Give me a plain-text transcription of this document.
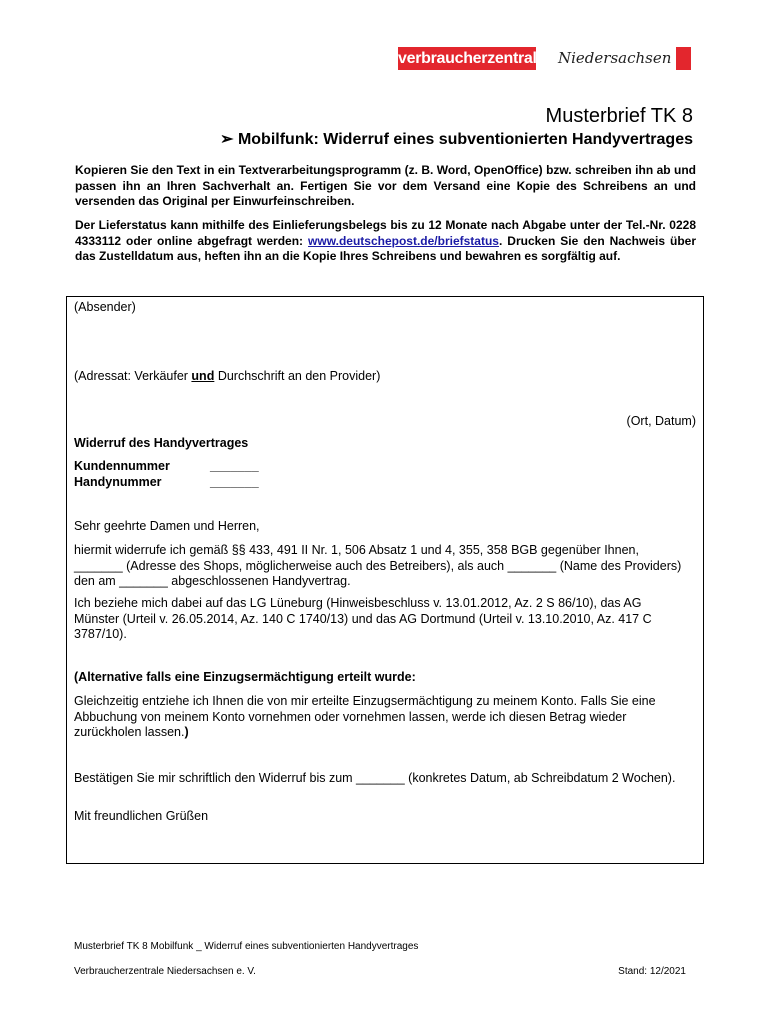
verbraucherzentrale Niedersachsen
Musterbrief TK 8
➢ Mobilfunk: Widerruf eines subventionierten Handyvertrages

Kopieren Sie den Text in ein Textverarbeitungsprogramm (z. B. Word, OpenOffice) bzw. schreiben ihn ab und passen ihn an Ihren Sachverhalt an. Fertigen Sie vor dem Versand eine Kopie des Schreibens an und versenden das Original per Einwurfeinschreiben.

Der Lieferstatus kann mithilfe des Einlieferungsbelegs bis zu 12 Monate nach Abgabe unter der Tel.-Nr. 0228 4333112 oder online abgefragt werden: www.deutschepost.de/briefstatus. Drucken Sie den Nachweis über das Zustelldatum aus, heften ihn an die Kopie Ihres Schreibens und bewahren es sorgfältig auf.

(Absender)

(Adressat: Verkäufer und Durchschrift an den Provider)

(Ort, Datum)

Widerruf des Handyvertrages

Kundennummer	_______

Handynummer	_______

Sehr geehrte Damen und Herren,

hiermit widerrufe ich gemäß §§ 433, 491 II Nr. 1, 506 Absatz 1 und 4, 355, 358 BGB gegenüber Ihnen, _______ (Adresse des Shops, möglicherweise auch des Betreibers), als auch _______ (Name des Providers) den am _______ abgeschlossenen Handyvertrag.

Ich beziehe mich dabei auf das LG Lüneburg (Hinweisbeschluss v. 13.01.2012, Az. 2 S 86/10), das AG Münster (Urteil v. 26.05.2014, Az. 140 C 1740/13) und das AG Dortmund (Urteil v. 13.10.2010, Az. 417 C 3787/10).

(Alternative falls eine Einzugsermächtigung erteilt wurde:

Gleichzeitig entziehe ich Ihnen die von mir erteilte Einzugsermächtigung zu meinem Konto. Falls Sie eine Abbuchung von meinem Konto vornehmen oder vornehmen lassen, werde ich diesen Betrag wieder zurückholen lassen.)

Bestätigen Sie mir schriftlich den Widerruf bis zum _______ (konkretes Datum, ab Schreibdatum 2 Wochen).

Mit freundlichen Grüßen

Musterbrief TK 8 Mobilfunk _ Widerruf eines subventionierten Handyvertrages
Verbraucherzentrale Niedersachsen e. V.	Stand: 12/2021
